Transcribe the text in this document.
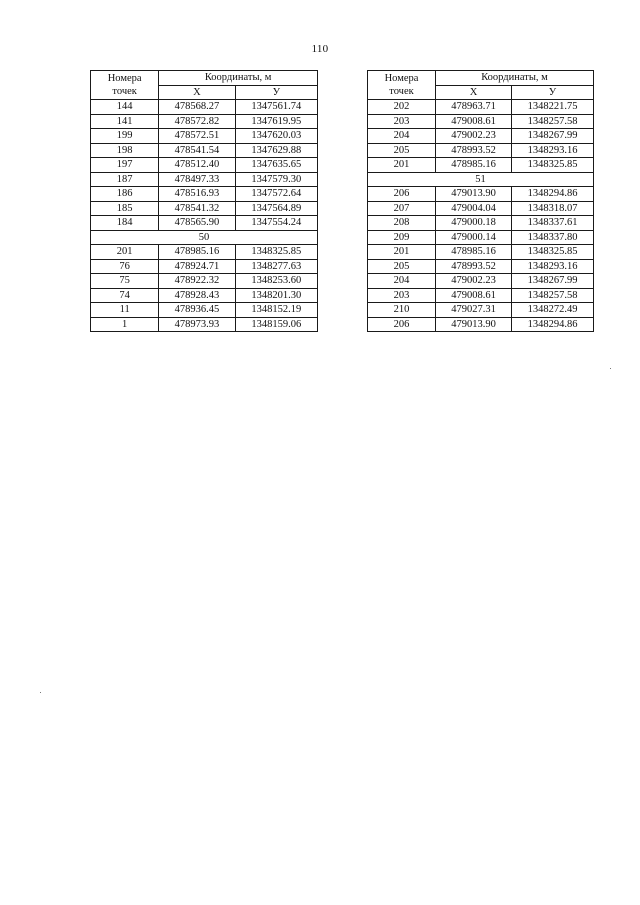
110
Номера
точек	Координаты, м	
	Х	У
144	478568.27	1347561.74
141	478572.82	1347619.95
199	478572.51	1347620.03
198	478541.54	1347629.88
197	478512.40	1347635.65
187	478497.33	1347579.30
186	478516.93	1347572.64
185	478541.32	1347564.89
184	478565.90	1347554.24
50		
201	478985.16	1348325.85
76	478924.71	1348277.63
75	478922.32	1348253.60
74	478928.43	1348201.30
11	478936.45	1348152.19
1	478973.93	1348159.06
Номера
точек	Координаты, м	
	Х	У
202	478963.71	1348221.75
203	479008.61	1348257.58
204	479002.23	1348267.99
205	478993.52	1348293.16
201	478985.16	1348325.85
51		
206	479013.90	1348294.86
207	479004.04	1348318.07
208	479000.18	1348337.61
209	479000.14	1348337.80
201	478985.16	1348325.85
205	478993.52	1348293.16
204	479002.23	1348267.99
203	479008.61	1348257.58
210	479027.31	1348272.49
206	479013.90	1348294.86
